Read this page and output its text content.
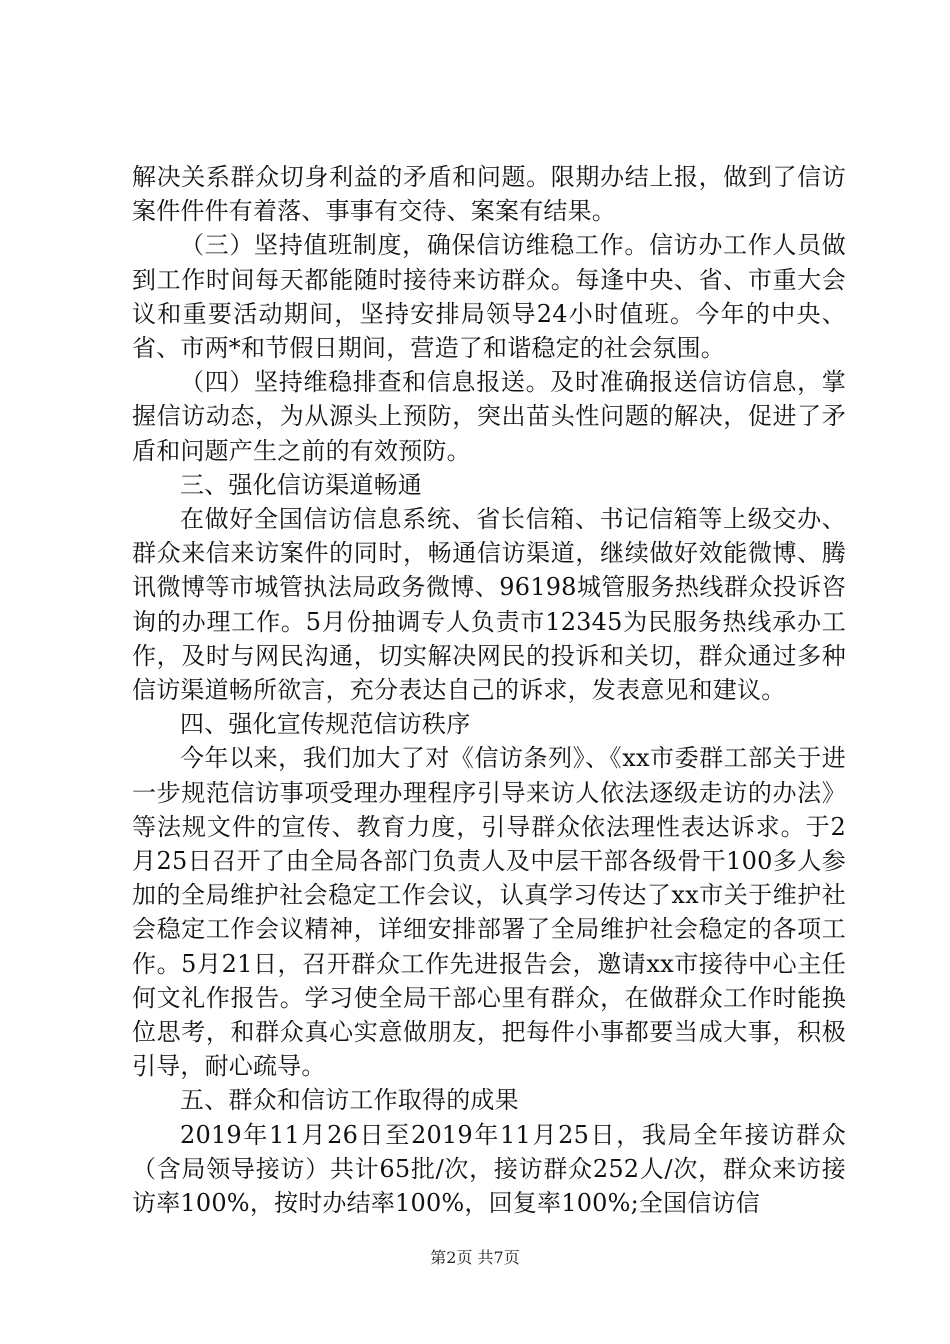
解决关系群众切身利益的矛盾和问题。限期办结上报，做到了信访案件件件有着落、事事有交待、案案有结果。

（三）坚持值班制度，确保信访维稳工作。信访办工作人员做到工作时间每天都能随时接待来访群众。每逢中央、省、市重大会议和重要活动期间，坚持安排局领导24小时值班。今年的中央、省、市两*和节假日期间，营造了和谐稳定的社会氛围。

（四）坚持维稳排查和信息报送。及时准确报送信访信息，掌握信访动态，为从源头上预防，突出苗头性问题的解决，促进了矛盾和问题产生之前的有效预防。

三、强化信访渠道畅通

在做好全国信访信息系统、省长信箱、书记信箱等上级交办、群众来信来访案件的同时，畅通信访渠道，继续做好效能微博、腾讯微博等市城管执法局政务微博、96198城管服务热线群众投诉咨询的办理工作。5月份抽调专人负责市12345为民服务热线承办工作，及时与网民沟通，切实解决网民的投诉和关切，群众通过多种信访渠道畅所欲言，充分表达自己的诉求，发表意见和建议。

四、强化宣传规范信访秩序

今年以来，我们加大了对《信访条列》、《xx市委群工部关于进一步规范信访事项受理办理程序引导来访人依法逐级走访的办法》等法规文件的宣传、教育力度，引导群众依法理性表达诉求。于2月25日召开了由全局各部门负责人及中层干部各级骨干100多人参加的全局维护社会稳定工作会议，认真学习传达了xx市关于维护社会稳定工作会议精神，详细安排部署了全局维护社会稳定的各项工作。5月21日，召开群众工作先进报告会，邀请xx市接待中心主任何文礼作报告。学习使全局干部心里有群众，在做群众工作时能换位思考，和群众真心实意做朋友，把每件小事都要当成大事，积极引导，耐心疏导。

五、群众和信访工作取得的成果

2019年11月26日至2019年11月25日，我局全年接访群众（含局领导接访）共计65批/次，接访群众252人/次，群众来访接访率100%，按时办结率100%，回复率100%;全国信访信

第2页 共7页
